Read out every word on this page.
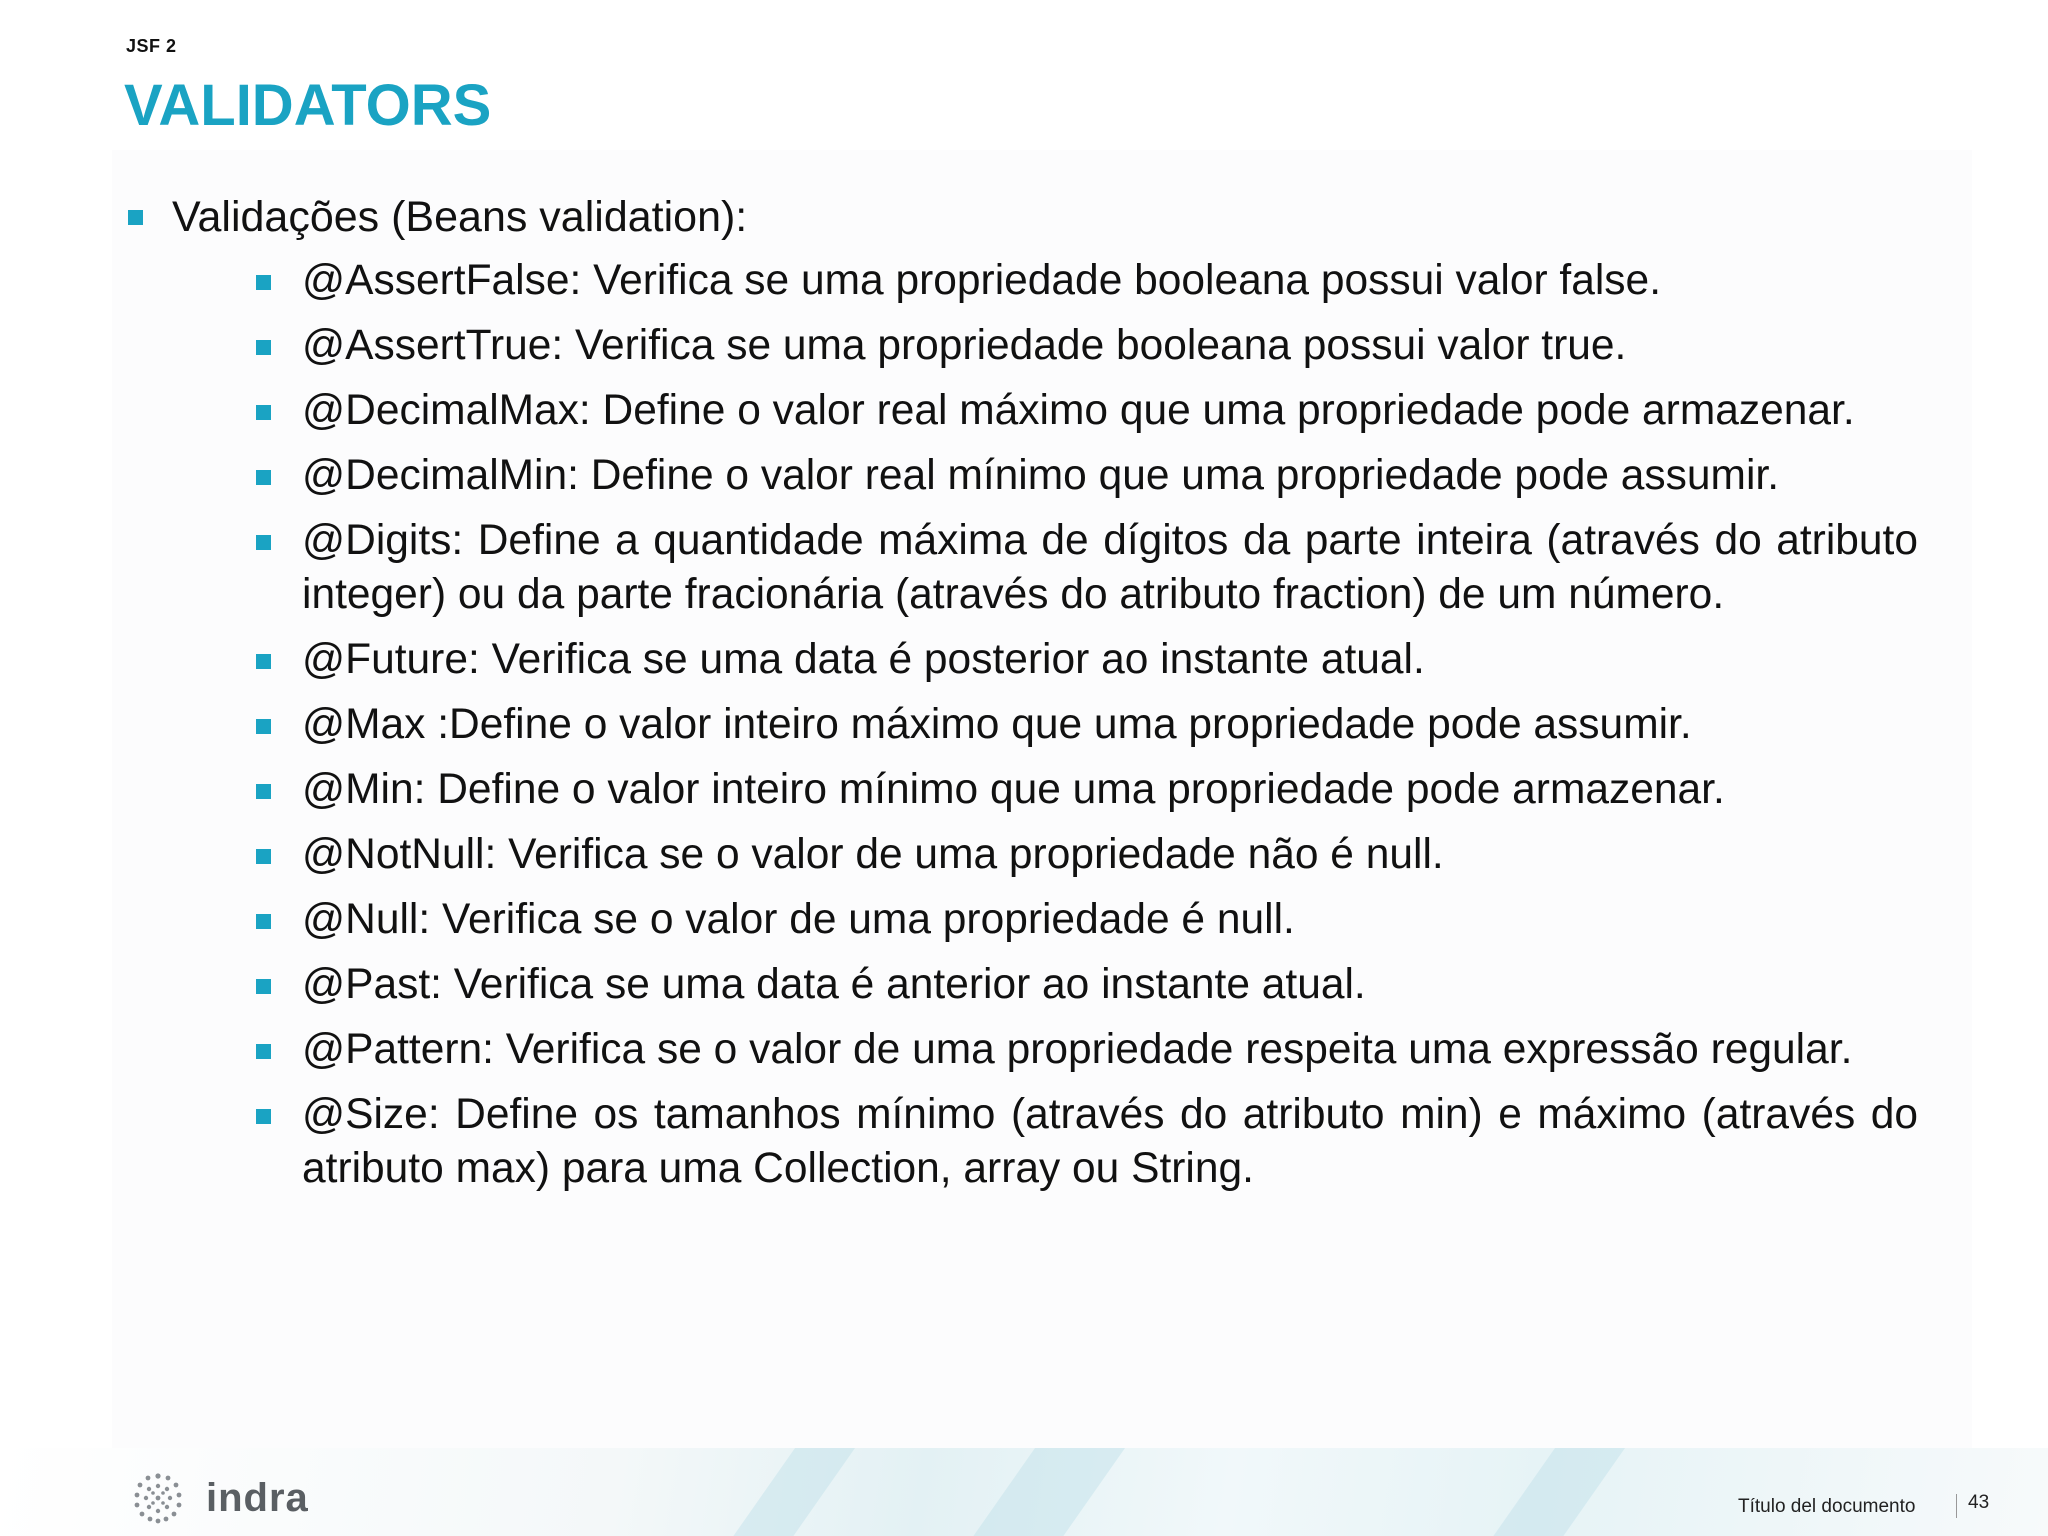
JSF 2
VALIDATORS
Validações (Beans validation):
@AssertFalse: Verifica se uma propriedade booleana possui valor false.
@AssertTrue: Verifica se uma propriedade booleana possui valor true.
@DecimalMax: Define o valor real máximo que uma propriedade pode armazenar.
@DecimalMin: Define o valor real mínimo que uma propriedade pode assumir.
@Digits: Define a quantidade máxima de dígitos da parte inteira (através do atributo integer) ou da parte fracionária (através do atributo fraction) de um número.
@Future: Verifica se uma data é posterior ao instante atual.
@Max :Define o valor inteiro máximo que uma propriedade pode assumir.
@Min: Define o valor inteiro mínimo que uma propriedade pode armazenar.
@NotNull: Verifica se o valor de uma propriedade não é null.
@Null: Verifica se o valor de uma propriedade é null.
@Past: Verifica se uma data é anterior ao instante atual.
@Pattern: Verifica se o valor de uma propriedade respeita uma expressão regular.
@Size: Define os tamanhos mínimo (através do atributo min) e máximo (através do atributo max) para uma Collection, array ou String.
indra	Título del documento	43
